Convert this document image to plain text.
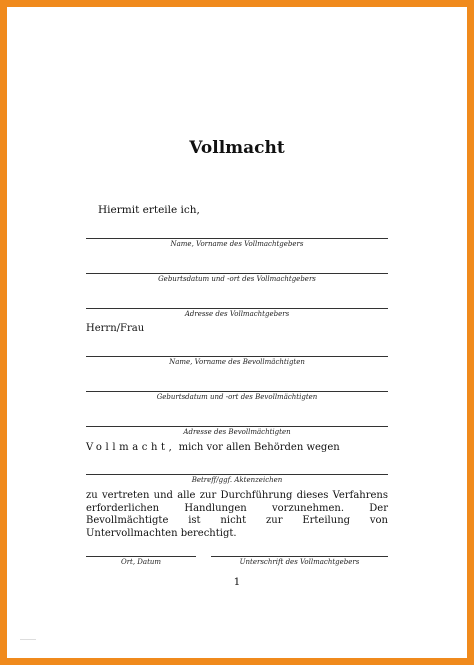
Vollmacht
Hiermit erteile ich,
Name, Vorname des Vollmachtgebers
Geburtsdatum und -ort des Vollmachtgebers
Adresse des Vollmachtgebers
Herrn/Frau
Name, Vorname des Bevollmächtigten
Geburtsdatum und -ort des Bevollmächtigten
Adresse des Bevollmächtigten
Vollmacht, mich vor allen Behörden wegen
Betreff/ggf. Aktenzeichen
zu vertreten und alle zur Durchführung dieses Verfahrens erforderlichen Handlungen vorzunehmen. Der Bevollmächtigte ist nicht zur Erteilung von Untervollmachten berechtigt.
Ort, Datum	Unterschrift des Vollmachtgebers
1
